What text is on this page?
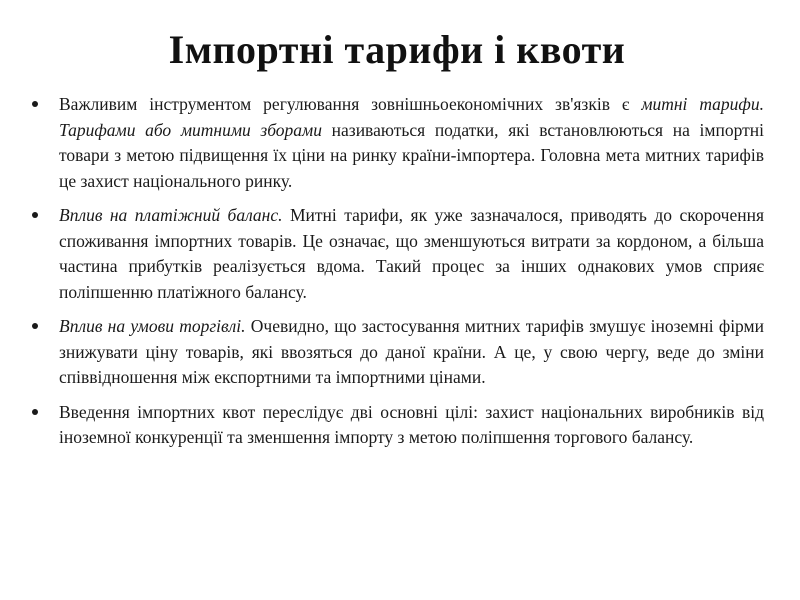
Імпортні тарифи і квоти
Важливим інструментом регулювання зовнішньоекономічних зв'язків є митні тарифи. Тарифами або митними зборами називаються податки, які встановлюються на імпортні товари з метою підвищення їх ціни на ринку країни-імпортера. Головна мета митних тарифів це захист національного ринку.
Вплив на платіжний баланс. Митні тарифи, як уже зазначалося, приводять до скорочення споживання імпортних товарів. Це означає, що зменшуються витрати за кордоном, а більша частина прибутків реалізується вдома. Такий процес за інших однакових умов сприяє поліпшенню платіжного балансу.
Вплив на умови торгівлі. Очевидно, що застосування митних тарифів змушує іноземні фірми знижувати ціну товарів, які ввозяться до даної країни. А це, у свою чергу, веде до зміни співвідношення між експортними та імпортними цінами.
Введення імпортних квот переслідує дві основні цілі: захист національних виробників від іноземної конкуренції та зменшення імпорту з метою поліпшення торгового балансу.
